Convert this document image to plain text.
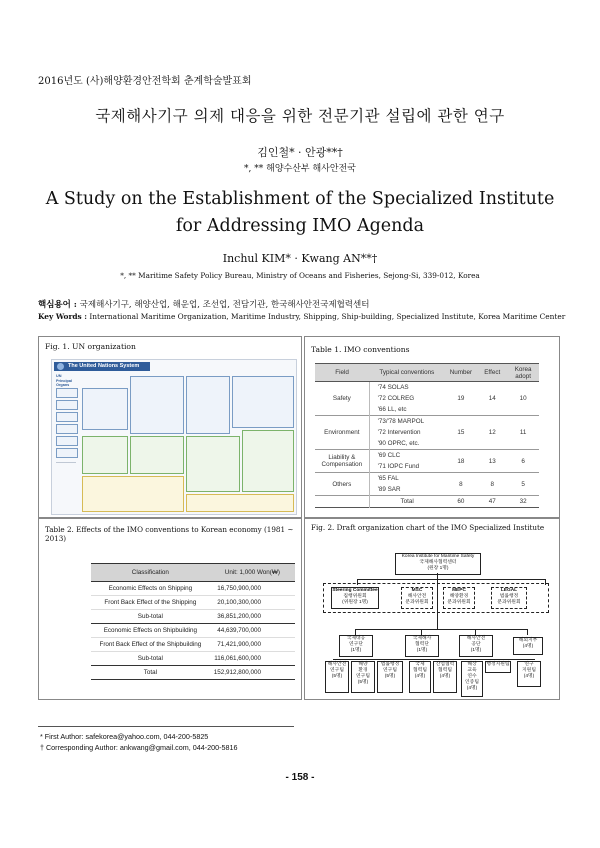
2016년도 (사)해양환경안전학회 춘계학술발표회
국제해사기구 의제 대응을 위한 전문기관 설립에 관한 연구
김인철* · 안광**†
*, ** 해양수산부 해사안전국
A Study on the Establishment of the Specialized Institute for Addressing IMO Agenda
Inchul KIM* · Kwang AN**†
*, ** Maritime Safety Policy Bureau, Ministry of Oceans and Fisheries, Sejong-Si, 339-012, Korea
핵심용어 : 국제해사기구, 해양산업, 해운업, 조선업, 전담기관, 한국해사안전국제협력센터
Key Words : International Maritime Organization, Maritime Industry, Shipping, Ship-building, Specialized Institute, Korea Maritime Center
Fig. 1. UN organization
The United Nations System
UN Principal Organs
Table 1. IMO conventions
Field	Typical conventions	Number	Effect	Korea adopt
Safety	'74 SOLAS	19	14	10
	'72 COLREG			
	'66 LL, etc			
Environment	'73/'78 MARPOL	15	12	11
	'72 Intervention			
	'90 OPRC, etc.			
Liability & Compensation	'69 CLC	18	13	6
	'71 IOPC Fund			
Others	'65 FAL	8	8	5
	'89 SAR			
	Total	60	47	32
Table 2. Effects of the IMO conventions to Korean economy (1981 ~ 2013)
Classification	Unit: 1,000 Won(₩)
Economic Effects on Shipping	16,750,900,000
Front Back Effect of the Shipping	20,100,300,000
Sub-total	36,851,200,000
Economic Effects on Shipbuilding	44,639,700,000
Front Back Effect of the Shipbuilding	71,421,900,000
Sub-total	116,061,600,000
Total	152,912,800,000
Fig. 2. Draft organization chart of the IMO Specialized Institute
Korea Institute for Maritime Safety
국제해사협력센터
(원장 1명)
Steering Committee
집행위원회
(위원장 1명)
MSC
해사안전
분과위원회
MEPC
해양환경
분과위원회
LEGAL
법률행정
분과위원회
국제대응
연구단
(1명)
국제해사
협력단
(1명)
해사안전
공단
(1명)
해외지부
(4명)
해사안전
연구팀
(5명)
해양
환경
연구팀
(5명)
법률행정
연구팀
(5명)
국제
협력팀
(4명)
산업협력
협력팀
(4명)
해상
교육
연수
인증팀
(4명)
행정지원팀	연구
지원팀
(4명)
* First Author: safekorea@yahoo.com, 044-200-5825
† Corresponding Author: ankwang@gmail.com, 044-200-5816
- 158 -
